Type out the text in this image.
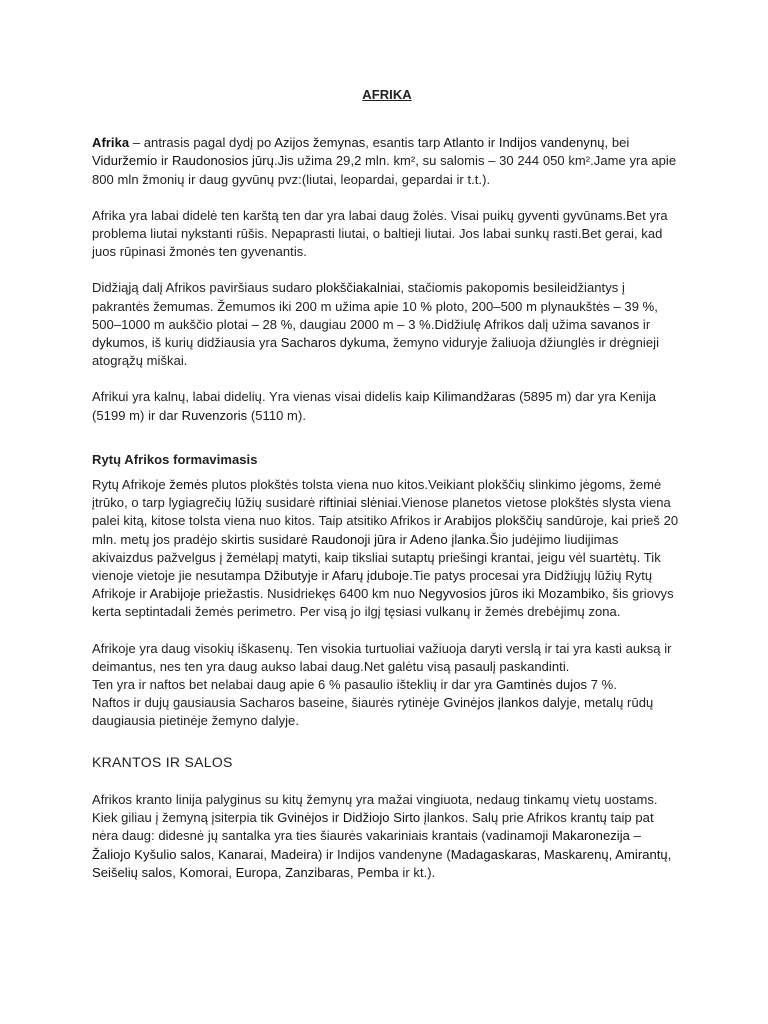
AFRIKA

Afrika – antrasis pagal dydį po Azijos žemynas, esantis tarp Atlanto ir Indijos vandenynų, bei Viduržemio ir Raudonosios jūrų.Jis užima 29,2 mln. km², su salomis – 30 244 050 km².Jame yra apie 800 mln žmonių ir daug gyvūnų pvz:(liutai, leopardai, gepardai ir t.t.).

Afrika yra labai didelė ten karštą ten dar yra labai daug žolės. Visai puikų gyventi gyvūnams.Bet yra problema liutai nykstanti rūšis. Nepaprasti liutai, o baltieji liutai. Jos labai sunkų rasti.Bet gerai, kad juos rūpinasi žmonės ten gyvenantis.

Didžiąją dalį Afrikos paviršiaus sudaro plokščiakalniai, stačiomis pakopomis besileidžiantys į pakrantės žemumas. Žemumos iki 200 m užima apie 10 % ploto, 200–500 m plynaukštės – 39 %, 500–1000 m aukščio plotai – 28 %, daugiau 2000 m – 3 %.Didžiulę Afrikos dalį užima savanos ir dykumos, iš kurių didžiausia yra Sacharos dykuma, žemyno viduryje žaliuoja džiunglės ir drėgnieji atogrąžų miškai.

Afrikui yra kalnų, labai didelių. Yra vienas visai didelis kaip Kilimandžaras (5895 m) dar yra Kenija (5199 m) ir dar Ruvenzoris (5110 m).

Rytų Afrikos formavimasis

Rytų Afrikoje žemės plutos plokštės tolsta viena nuo kitos.Veikiant plokščių slinkimo jėgoms, žemė įtrūko, o tarp lygiagrečių lūžių susidarė riftiniai slėniai.Vienose planetos vietose plokštės slysta viena palei kitą, kitose tolsta viena nuo kitos. Taip atsitiko Afrikos ir Arabijos plokščių sandūroje, kai prieš 20 mln. metų jos pradėjo skirtis susidarė Raudonoji jūra ir Adeno įlanka.Šio judėjimo liudijimas akivaizdus pažvelgus į žemėlapį matyti, kaip tiksliai sutaptų priešingi krantai, jeigu vėl suartėtų. Tik vienoje vietoje jie nesutampa Džibutyje ir Afarų įduboje.Tie patys procesai yra Didžiųjų lūžių Rytų Afrikoje ir Arabijoje priežastis. Nusidriekęs 6400 km nuo Negyvosios jūros iki Mozambiko, šis griovys kerta septintadali žemės perimetro. Per visą jo ilgį tęsiasi vulkanų ir žemės drebėjimų zona.

Afrikoje yra daug visokių iškasenų. Ten visokia turtuoliai važiuoja daryti verslą ir tai yra kasti auksą ir deimantus, nes ten yra daug aukso labai daug.Net galėtu visą pasaulį paskandinti.
Ten yra ir naftos bet nelabai daug apie 6 % pasaulio išteklių ir dar yra Gamtinės dujos 7 %.
Naftos ir dujų gausiausia Sacharos baseine, šiaurės rytinėje Gvinėjos įlankos dalyje, metalų rūdų daugiausia pietinėje žemyno dalyje.

KRANTOS IR SALOS

Afrikos kranto linija palyginus su kitų žemynų yra mažai vingiuota, nedaug tinkamų vietų uostams. Kiek giliau į žemyną įsiterpia tik Gvinėjos ir Didžiojo Sirto įlankos. Salų prie Afrikos krantų taip pat nėra daug: didesnė jų santalka yra ties šiaurės vakariniais krantais (vadinamoji Makaronezija – Žaliojo Kyšulio salos, Kanarai, Madeira) ir Indijos vandenyne (Madagaskaras, Maskarenų, Amirantų, Seišelių salos, Komorai, Europa, Zanzibaras, Pemba ir kt.).
